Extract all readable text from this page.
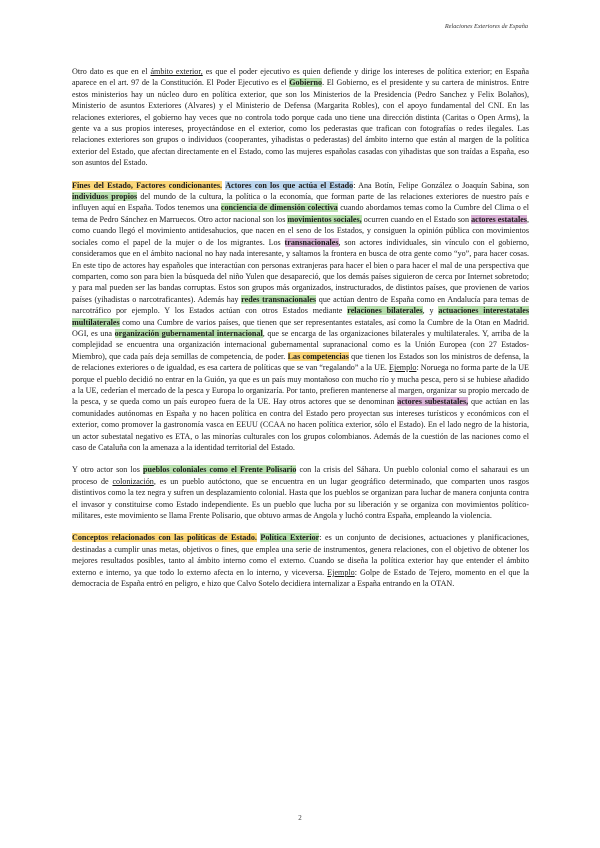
Relaciones Exteriores de España

Otro dato es que en el ámbito exterior, es que el poder ejecutivo es quien defiende y dirige los intereses de política exterior; en España aparece en el art. 97 de la Constitución. El Poder Ejecutivo es el Gobierno. El Gobierno, es el presidente y su cartera de ministros. Entre estos ministerios hay un núcleo duro en política exterior, que son los Ministerios de la Presidencia (Pedro Sanchez y Felix Bolaños), Ministerio de asuntos Exteriores (Alvares) y el Ministerio de Defensa (Margarita Robles), con el apoyo fundamental del CNI. En las relaciones exteriores, el gobierno hay veces que no controla todo porque cada uno tiene una dirección distinta (Caritas o Open Arms), la gente va a sus propios intereses, proyectándose en el exterior, como los pederastas que trafican con fotografías o redes ilegales. Las relaciones exteriores son grupos o individuos (cooperantes, yihadistas o pederastas) del ámbito interno que están al margen de la política exterior del Estado, que afectan directamente en el Estado, como las mujeres españolas casadas con yihadistas que son traídas a España, eso son asuntos del Estado.

Fines del Estado, Factores condicionantes. Actores con los que actúa el Estado: Ana Botín, Felipe González o Joaquín Sabina, son individuos propios del mundo de la cultura, la política o la economía, que forman parte de las relaciones exteriores de nuestro país e influyen aquí en España. Todos tenemos una conciencia de dimensión colectiva cuando abordamos temas como la Cumbre del Clima o el tema de Pedro Sánchez en Marruecos. Otro actor nacional son los movimientos sociales, ocurren cuando en el Estado son actores estatales, como cuando llegó el movimiento antidesahucios, que nacen en el seno de los Estados, y consiguen la opinión pública con movimientos sociales como el papel de la mujer o de los migrantes. Los transnacionales, son actores individuales, sin vínculo con el gobierno, consideramos que en el ámbito nacional no hay nada interesante, y saltamos la frontera en busca de otra gente como “yo”, para hacer cosas. En este tipo de actores hay españoles que interactúan con personas extranjeras para hacer el bien o para hacer el mal de una perspectiva que comparten, como son para bien la búsqueda del niño Yulen que desapareció, que los demás países siguieron de cerca por Internet sobretodo; y para mal pueden ser las bandas corruptas. Estos son grupos más organizados, instructurados, de distintos países, que provienen de varios países (yihadistas o narcotraficantes). Además hay redes transnacionales que actúan dentro de España como en Andalucía para temas de narcotráfico por ejemplo. Y los Estados actúan con otros Estados mediante relaciones bilaterales, y actuaciones interestatales multilaterales como una Cumbre de varios países, que tienen que ser representantes estatales, así como la Cumbre de la Otan en Madrid. OGI, es una organización gubernamental internacional, que se encarga de las organizaciones bilaterales y multilaterales. Y, arriba de la complejidad se encuentra una organización internacional gubernamental supranacional como es la Unión Europea (con 27 Estados-Miembro), que cada país deja semillas de competencia, de poder. Las competencias que tienen los Estados son los ministros de defensa, la de relaciones exteriores o de igualdad, es esa cartera de políticas que se van “regalando” a la UE. Ejemplo: Noruega no forma parte de la UE porque el pueblo decidió no entrar en la Guión, ya que es un país muy montañoso con mucho río y mucha pesca, pero si se hubiese añadido a la UE, cederían el mercado de la pesca y Europa lo organizaría. Por tanto, prefieren mantenerse al margen, organizar su propio mercado de la pesca, y se queda como un país europeo fuera de la UE. Hay otros actores que se denominan actores subestatales, que actúan en las comunidades autónomas en España y no hacen política en contra del Estado pero proyectan sus intereses turísticos y económicos con el exterior, como promover la gastronomía vasca en EEUU (CCAA no hacen política exterior, sólo el Estado). En el lado negro de la historia, un actor subestatal negativo es ETA, o las minorías culturales con los grupos colombianos. Además de la cuestión de las naciones como el caso de Cataluña con la amenaza a la identidad territorial del Estado.

Y otro actor son los pueblos coloniales como el Frente Polisario con la crisis del Sáhara. Un pueblo colonial como el saharaui es un proceso de colonización, es un pueblo autóctono, que se encuentra en un lugar geográfico determinado, que comparten unos rasgos distintivos como la tez negra y sufren un desplazamiento colonial. Hasta que los pueblos se organizan para luchar de manera conjunta contra el invasor y constituirse como Estado independiente. Es un pueblo que lucha por su liberación y se organiza con movimientos político-militares, este movimiento se llama Frente Polisario, que obtuvo armas de Angola y luchó contra España, empleando la violencia.

Conceptos relacionados con las políticas de Estado. Política Exterior: es un conjunto de decisiones, actuaciones y planificaciones, destinadas a cumplir unas metas, objetivos o fines, que emplea una serie de instrumentos, genera relaciones, con el objetivo de obtener los mejores resultados posibles, tanto al ámbito interno como el externo. Cuando se diseña la política exterior hay que entender el ámbito externo e interno, ya que todo lo externo afecta en lo interno, y viceversa. Ejemplo: Golpe de Estado de Tejero, momento en el que la democracia de España entró en peligro, e hizo que Calvo Sotelo decidiera internalizar a España entrando en la OTAN.

2
